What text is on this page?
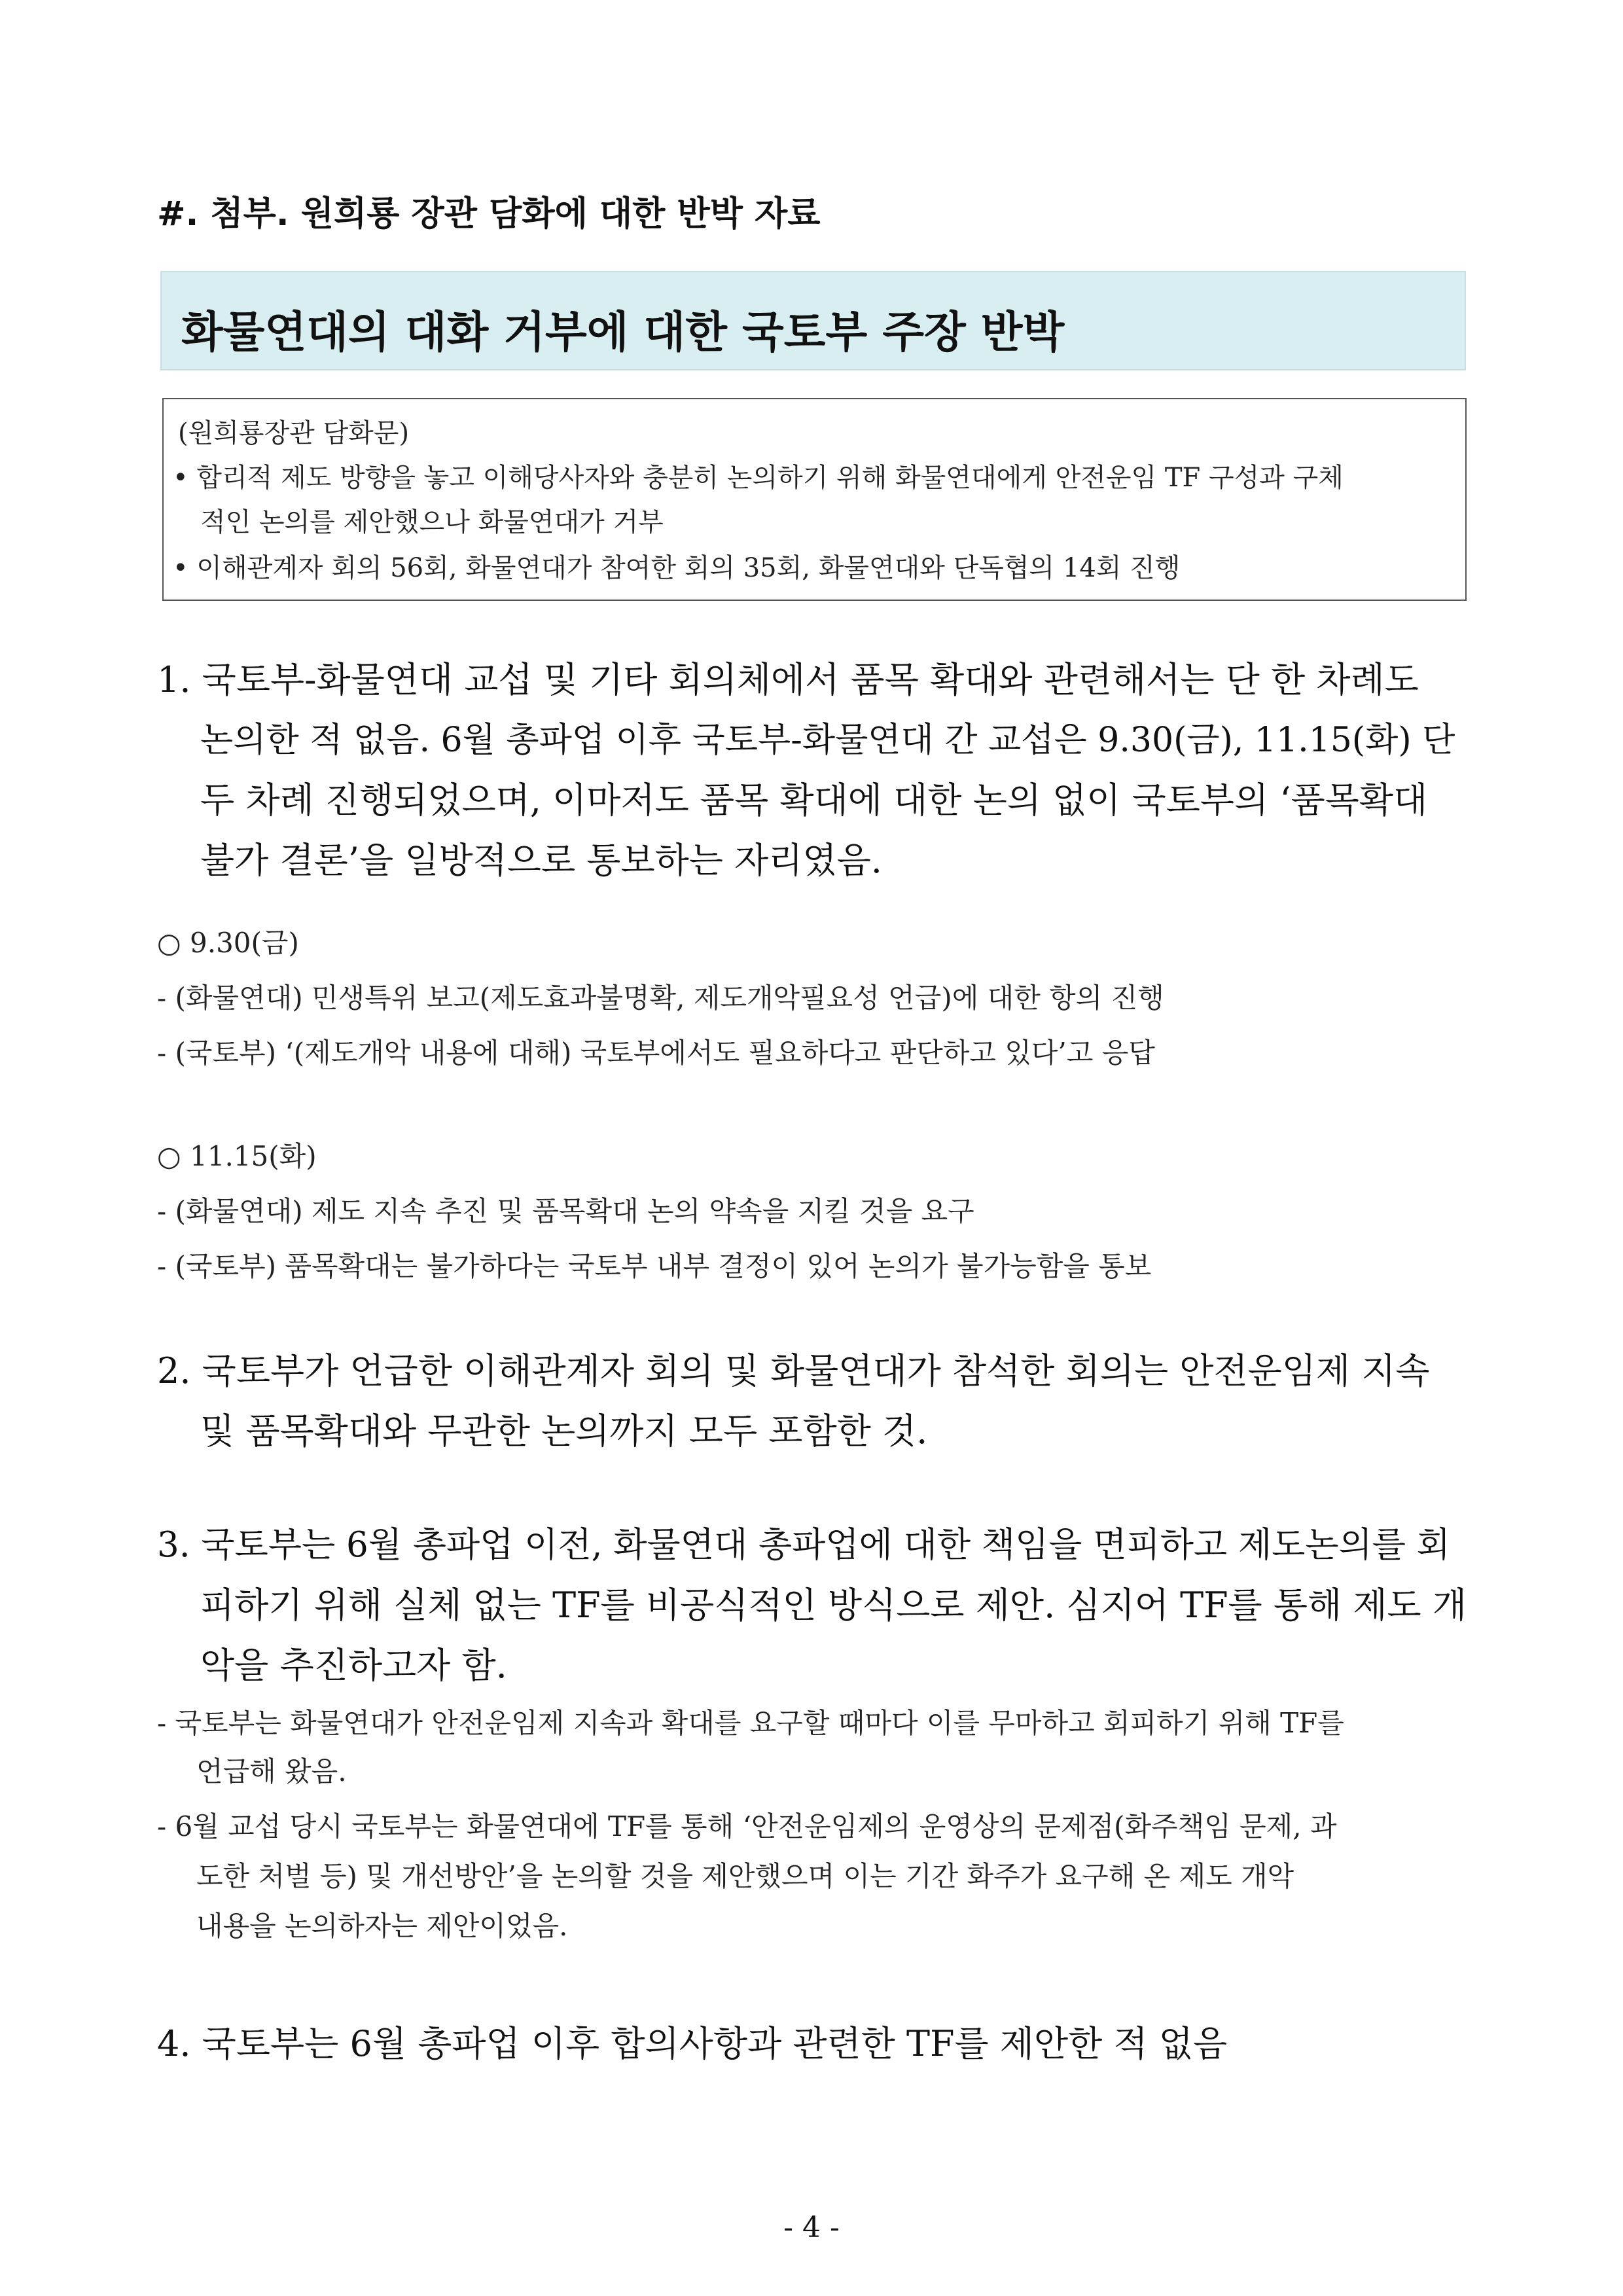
#. 첨부. 원희룡 장관 담화에 대한 반박 자료
화물연대의 대화 거부에 대한 국토부 주장 반박
(원희룡장관 담화문)
• 합리적 제도 방향을 놓고 이해당사자와 충분히 논의하기 위해 화물연대에게 안전운임 TF 구성과 구체
적인 논의를 제안했으나 화물연대가 거부
• 이해관계자 회의 56회, 화물연대가 참여한 회의 35회, 화물연대와 단독협의 14회 진행
1. 국토부-화물연대 교섭 및 기타 회의체에서 품목 확대와 관련해서는 단 한 차례도
논의한 적 없음. 6월 총파업 이후 국토부-화물연대 간 교섭은 9.30(금), 11.15(화) 단
두 차례 진행되었으며, 이마저도 품목 확대에 대한 논의 없이 국토부의 ‘품목확대
불가 결론’을 일방적으로 통보하는 자리였음.
○ 9.30(금)
- (화물연대) 민생특위 보고(제도효과불명확, 제도개악필요성 언급)에 대한 항의 진행
- (국토부) ‘(제도개악 내용에 대해) 국토부에서도 필요하다고 판단하고 있다’고 응답
○ 11.15(화)
- (화물연대) 제도 지속 추진 및 품목확대 논의 약속을 지킬 것을 요구
- (국토부) 품목확대는 불가하다는 국토부 내부 결정이 있어 논의가 불가능함을 통보
2. 국토부가 언급한 이해관계자 회의 및 화물연대가 참석한 회의는 안전운임제 지속
및 품목확대와 무관한 논의까지 모두 포함한 것.
3. 국토부는 6월 총파업 이전, 화물연대 총파업에 대한 책임을 면피하고 제도논의를 회
피하기 위해 실체 없는 TF를 비공식적인 방식으로 제안. 심지어 TF를 통해 제도 개
악을 추진하고자 함.
- 국토부는 화물연대가 안전운임제 지속과 확대를 요구할 때마다 이를 무마하고 회피하기 위해 TF를
언급해 왔음.
- 6월 교섭 당시 국토부는 화물연대에 TF를 통해 ‘안전운임제의 운영상의 문제점(화주책임 문제, 과
도한 처벌 등) 및 개선방안’을 논의할 것을 제안했으며 이는 기간 화주가 요구해 온 제도 개악
내용을 논의하자는 제안이었음.
4. 국토부는 6월 총파업 이후 합의사항과 관련한 TF를 제안한 적 없음
- 4 -
